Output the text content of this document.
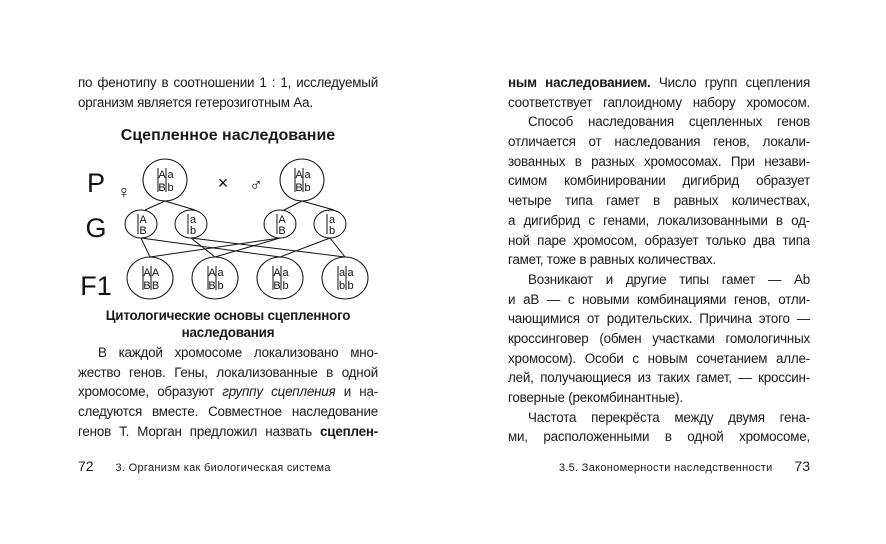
по фенотипу в соотношении 1 : 1, исследуемый
организм является гетерозиготным Аа.
Сцепленное наследование
P
G
F1
♀	× ♂
A a
B b
A a
B b
A A
B B
A a
B b
A a
B b
a a
b b
A
B
a
b
A
B
a
b
Цитологические основы сцепленного
наследования
В каждой хромосоме локализовано мно-
жество генов. Гены, локализованные в одной
хромосоме, образуют группу сцепления и на-
следуются вместе. Совместное наследование
генов Т. Морган предложил назвать сцеплен-
72 3. Организм как биологическая система
ным наследованием. Число групп сцепления
соответствует гаплоидному набору хромосом.
Способ наследования сцепленных генов
отличается от наследования генов, локали-
зованных в разных хромосомах. При незави-
симом комбинировании дигибрид образует
четыре типа гамет в равных количествах,
а дигибрид с генами, локализованными в од-
ной паре хромосом, образует только два типа
гамет, тоже в равных количествах.
Возникают и другие типы гамет — Ab
и aB — с новыми комбинациями генов, отли-
чающимися от родительских. Причина этого —
кроссинговер (обмен участками гомологичных
хромосом). Особи с новым сочетанием алле-
лей, получающиеся из таких гамет, — кроссин-
говерные (рекомбинантные).
Частота перекрёста между двумя гена-
ми, расположенными в одной хромосоме,
3.5. Закономерности наследственности 73
